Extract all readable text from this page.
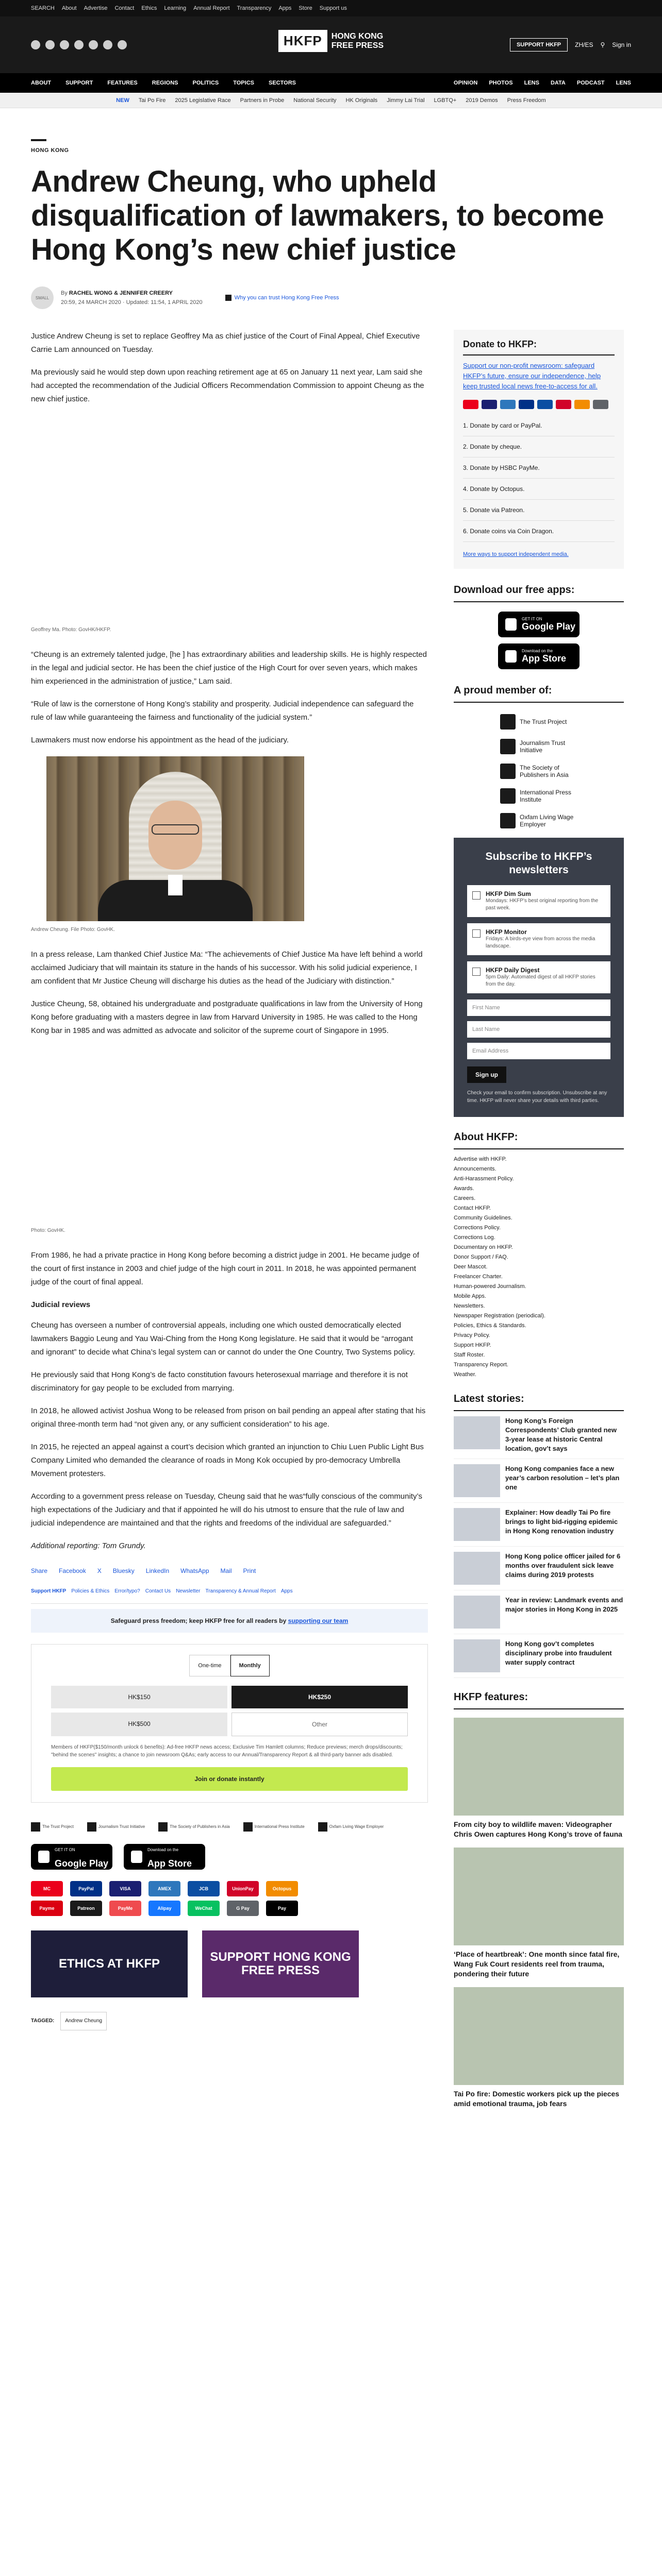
SEARCH About Advertise Contact Ethics Learning Annual Report Transparency Apps Store Support us
HKFP	HONG KONG
FREE PRESS	SUPPORT HKFP	ZH/ES ⚲ Sign in
ABOUT	SUPPORT	FEATURES	REGIONS	POLITICS	TOPICS	SECTORS	OPINION PHOTOS LENS DATA PODCAST LENS
NEW Tai Po Fire 2025 Legislative Race Partners in Probe National Security HK Originals Jimmy Lai Trial LGBTQ+ 2019 Demos Press Freedom
HONG KONG
Andrew Cheung, who upheld disqualification of lawmakers, to become Hong Kong’s new chief justice
SMALL
By RACHEL WONG & JENNIFER CREERY
20:59, 24 MARCH 2020 · Updated: 11:54, 1 APRIL 2020
Why you can trust Hong Kong Free Press

Justice Andrew Cheung is set to replace Geoffrey Ma as chief justice of the Court of Final Appeal, Chief Executive Carrie Lam announced on Tuesday.

Ma previously said he would step down upon reaching retirement age at 65 on January 11 next year, Lam said she had accepted the recommendation of the Judicial Officers Recommendation Commission to appoint Cheung as the new chief justice.

Geoffrey Ma. Photo: GovHK/HKFP.

“Cheung is an extremely talented judge, [he ] has extraordinary abilities and leadership skills. He is highly respected in the legal and judicial sector. He has been the chief justice of the High Court for over seven years, which makes him experienced in the administration of justice,” Lam said.

“Rule of law is the cornerstone of Hong Kong’s stability and prosperity. Judicial independence can safeguard the rule of law while guaranteeing the fairness and functionality of the judicial system.”

Lawmakers must now endorse his appointment as the head of the judiciary.

Andrew Cheung. File Photo: GovHK.

In a press release, Lam thanked Chief Justice Ma: “The achievements of Chief Justice Ma have left behind a world acclaimed Judiciary that will maintain its stature in the hands of his successor. With his solid judicial experience, I am confident that Mr Justice Cheung will discharge his duties as the head of the Judiciary with distinction.”

Justice Cheung, 58, obtained his undergraduate and postgraduate qualifications in law from the University of Hong Kong before graduating with a masters degree in law from Harvard University in 1985. He was called to the Hong Kong bar in 1985 and was admitted as advocate and solicitor of the supreme court of Singapore in 1995.

Photo: GovHK.

From 1986, he had a private practice in Hong Kong before becoming a district judge in 2001. He became judge of the court of first instance in 2003 and chief judge of the high court in 2011. In 2018, he was appointed permanent judge of the court of final appeal.

Judicial reviews

Cheung has overseen a number of controversial appeals, including one which ousted democratically elected lawmakers Baggio Leung and Yau Wai-Ching from the Hong Kong legislature. He said that it would be “arrogant and ignorant” to decide what China’s legal system can or cannot do under the One Country, Two Systems policy.

He previously said that Hong Kong’s de facto constitution favours heterosexual marriage and therefore it is not discriminatory for gay people to be excluded from marrying.

In 2018, he allowed activist Joshua Wong to be released from prison on bail pending an appeal after stating that his original three-month term had “not given any, or any sufficient consideration” to his age.

In 2015, he rejected an appeal against a court’s decision which granted an injunction to Chiu Luen Public Light Bus Company Limited who demanded the clearance of roads in Mong Kok occupied by pro-democracy Umbrella Movement protesters.

According to a government press release on Tuesday, Cheung said that he was“fully conscious of the community’s high expectations of the Judiciary and that if appointed he will do his utmost to ensure that the rule of law and judicial independence are maintained and that the rights and freedoms of the individual are safeguarded.”

Additional reporting: Tom Grundy.

Share Facebook X Bluesky LinkedIn WhatsApp Mail Print
Support HKFP Policies & Ethics Error/typo? Contact Us Newsletter Transparency & Annual Report Apps
Safeguard press freedom; keep HKFP free for all readers by supporting our team
One-time	Monthly
HK$150	HK$250
HK$500	Other
Members of HKFP($150/month unlock 6 benefits): Ad-free HKFP news access; Exclusive Tim Hamlett columns; Reduce previews; merch drops/discounts; "behind the scenes" insights; a chance to join newsroom Q&As; early access to our Annual/Transparency Report & all third-party banner ads disabled.
Join or donate instantly
The Trust Project	Journalism Trust Initiative	The Society of Publishers in Asia	International Press Institute	Oxfam Living Wage Employer
GET IT ON
Google Play
Download on the
App Store
MC	PayPal	VISA	AMEX	JCB	UnionPay	Octopus
Payme	Patreon	PayMe	Alipay	WeChat	G Pay	Pay
ETHICS AT HKFP	SUPPORT HONG KONG FREE PRESS
TAGGED:	Andrew Cheung
Donate to HKFP:
Support our non-profit newsroom: safeguard HKFP’s future, ensure our independence, help keep trusted local news free-to-access for all.
1. Donate by card or PayPal.
2. Donate by cheque.
3. Donate by HSBC PayMe.
4. Donate by Octopus.
5. Donate via Patreon.
6. Donate coins via Coin Dragon.
More ways to support independent media.
Download our free apps:
GET IT ON
Google Play
Download on the
App Store
A proud member of:
The Trust Project
Journalism Trust Initiative
The Society of Publishers in Asia
International Press Institute
Oxfam Living Wage Employer
Subscribe to HKFP’s newsletters
HKFP Dim Sum

Mondays: HKFP’s best original reporting from the past week.

HKFP Monitor

Fridays: A birds-eye view from across the media landscape.

HKFP Daily Digest

5pm Daily: Automated digest of all HKFP stories from the day.

First Name
Last Name
Email Address
Sign up
Check your email to confirm subscription. Unsubscribe at any time. HKFP will never share your details with third parties.
About HKFP:
Advertise with HKFP.
Announcements.
Anti-Harassment Policy.
Awards.
Careers.
Contact HKFP.
Community Guidelines.
Corrections Policy.
Corrections Log.
Documentary on HKFP.
Donor Support / FAQ.
Deer Mascot.
Freelancer Charter.
Human-powered Journalism.
Mobile Apps.
Newsletters.
Newspaper Registration (periodical).
Policies, Ethics & Standards.
Privacy Policy.
Support HKFP.
Staff Roster.
Transparency Report.
Weather.
Latest stories:
Hong Kong’s Foreign Correspondents’ Club granted new 3-year lease at historic Central location, gov’t says
Hong Kong companies face a new year’s carbon resolution – let’s plan one
Explainer: How deadly Tai Po fire brings to light bid-rigging epidemic in Hong Kong renovation industry
Hong Kong police officer jailed for 6 months over fraudulent sick leave claims during 2019 protests
Year in review: Landmark events and major stories in Hong Kong in 2025
Hong Kong gov’t completes disciplinary probe into fraudulent water supply contract
HKFP features:
From city boy to wildlife maven: Videographer Chris Owen captures Hong Kong’s trove of fauna
‘Place of heartbreak’: One month since fatal fire, Wang Fuk Court residents reel from trauma, pondering their future
Tai Po fire: Domestic workers pick up the pieces amid emotional trauma, job fears
